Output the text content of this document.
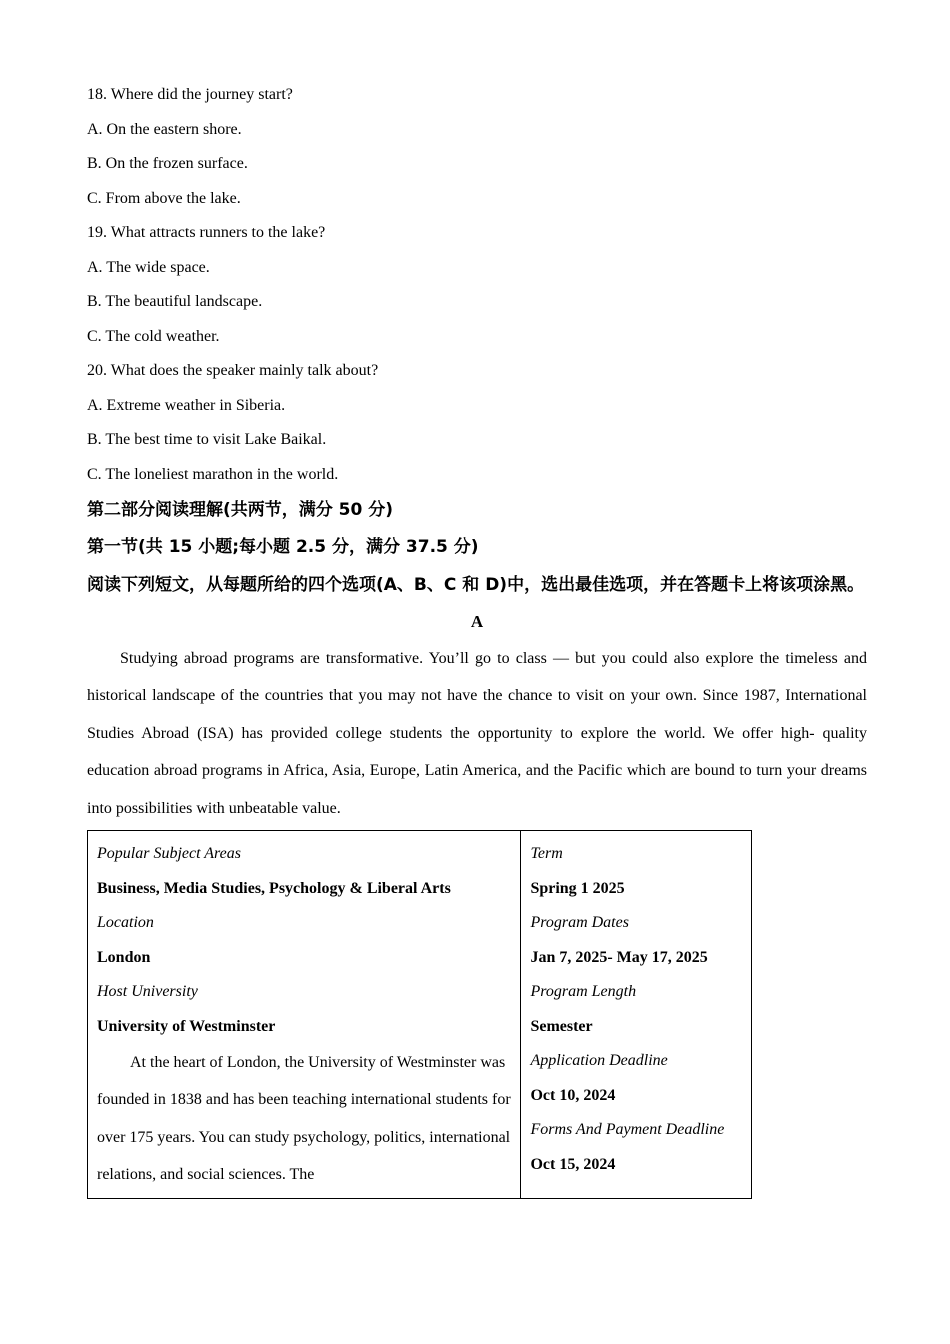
18. Where did the journey start?
A. On the eastern shore.
B. On the frozen surface.
C. From above the lake.
19. What attracts runners to the lake?
A. The wide space.
B. The beautiful landscape.
C. The cold weather.
20. What does the speaker mainly talk about?
A. Extreme weather in Siberia.
B. The best time to visit Lake Baikal.
C. The loneliest marathon in the world.
第二部分阅读理解(共两节，满分 50 分)
第一节(共 15 小题;每小题 2.5 分，满分 37.5 分)
阅读下列短文，从每题所给的四个选项(A、B、C 和 D)中，选出最佳选项，并在答题卡上将该项涂黑。
A

Studying abroad programs are transformative. You’ll go to class — but you could also explore the timeless and historical landscape of the countries that you may not have the chance to visit on your own. Since 1987, International Studies Abroad (ISA) has provided college students the opportunity to explore the world. We offer high- quality education abroad programs in Africa, Asia, Europe, Latin America, and the Pacific which are bound to turn your dreams into possibilities with unbeatable value.

Popular Subject Areas
Business, Media Studies, Psychology & Liberal Arts
Location
London
Host University
University of Westminster

At the heart of London, the University of Westminster was founded in 1838 and has been teaching international students for over 175 years. You can study psychology, politics, international relations, and social sciences. The

Term
Spring 1 2025
Program Dates
Jan 7, 2025- May 17, 2025
Program Length
Semester
Application Deadline
Oct 10, 2024
Forms And Payment Deadline
Oct 15, 2024
